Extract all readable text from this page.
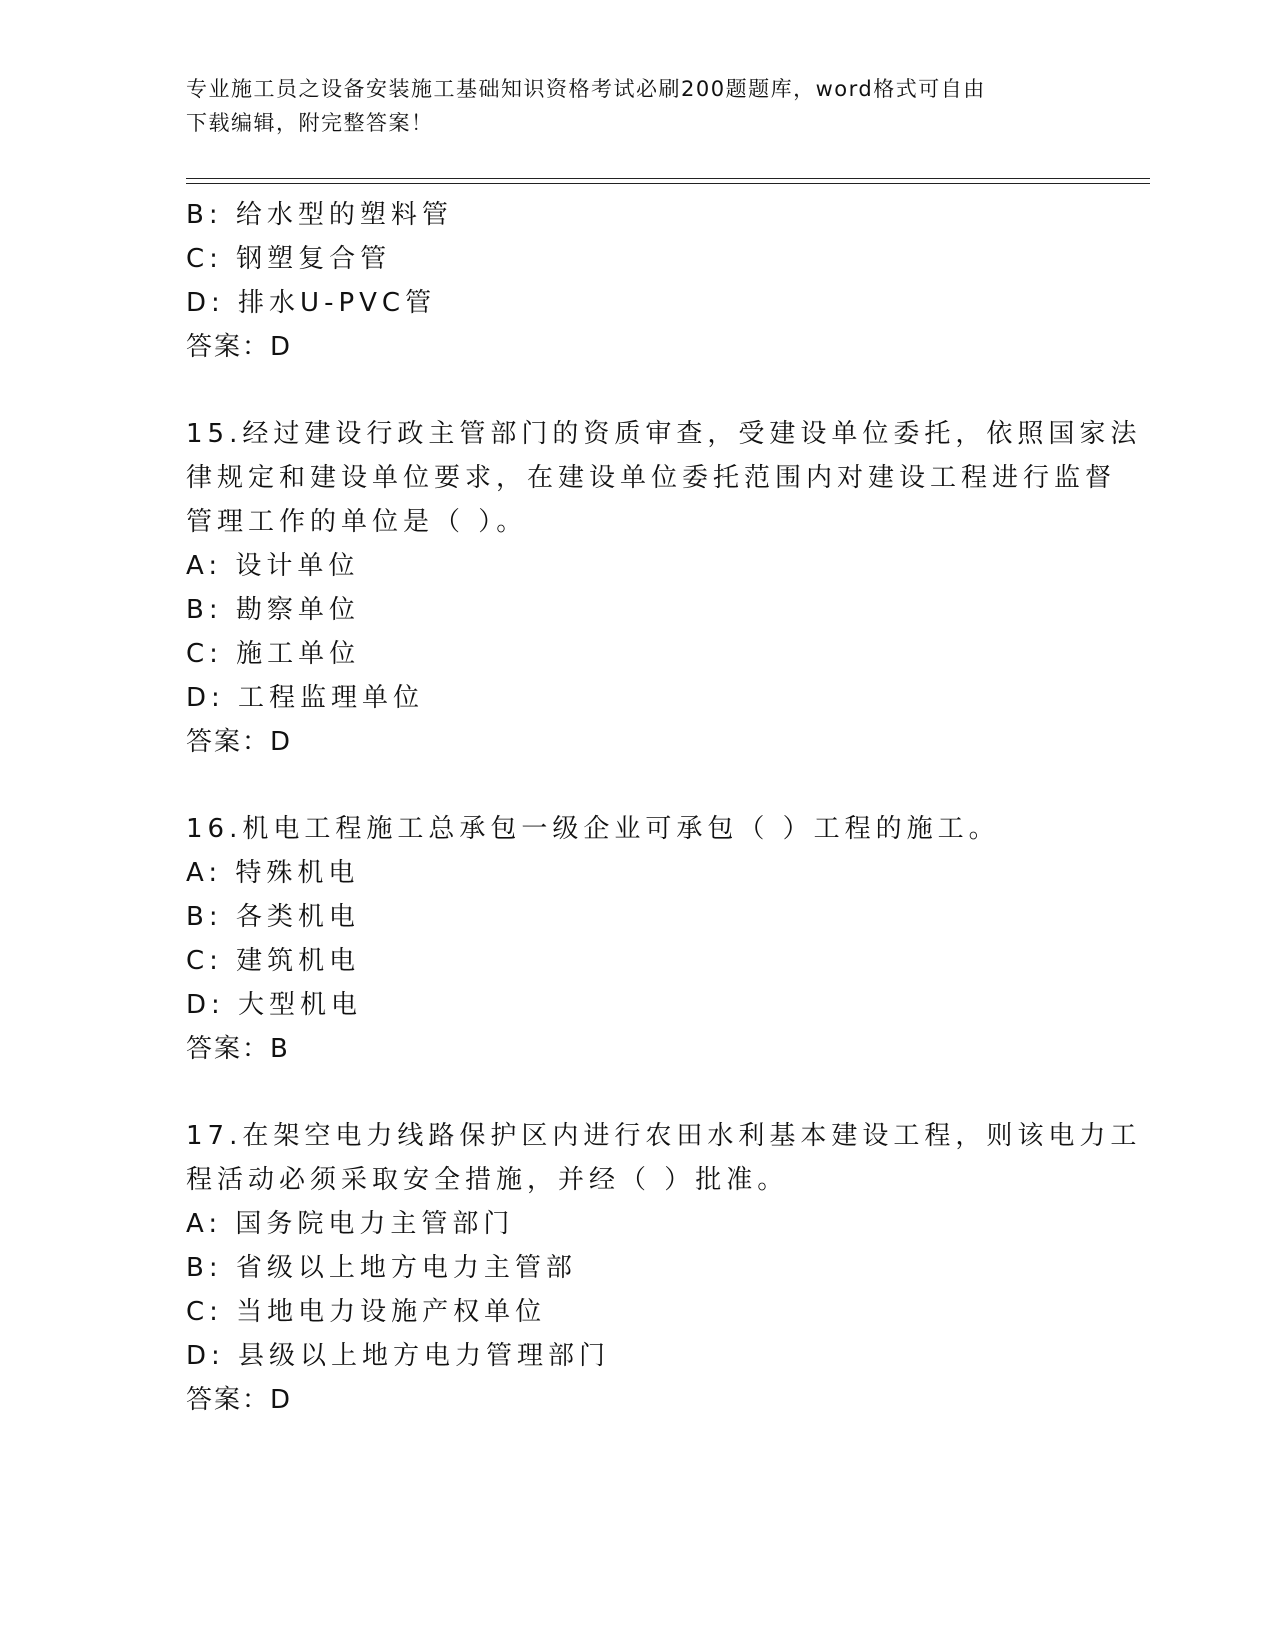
专业施工员之设备安装施工基础知识资格考试必刷200题题库，word格式可自由
下载编辑，附完整答案！
B: 给水型的塑料管
C: 钢塑复合管
D: 排水U-PVC管
答案：D
15.经过建设行政主管部门的资质审查，受建设单位委托，依照国家法
律规定和建设单位要求，在建设单位委托范围内对建设工程进行监督
管理工作的单位是（ ）。
A: 设计单位
B: 勘察单位
C: 施工单位
D: 工程监理单位
答案：D
16.机电工程施工总承包一级企业可承包（ ）工程的施工。
A: 特殊机电
B: 各类机电
C: 建筑机电
D: 大型机电
答案：B
17.在架空电力线路保护区内进行农田水利基本建设工程，则该电力工
程活动必须采取安全措施，并经（ ）批准。
A: 国务院电力主管部门
B: 省级以上地方电力主管部
C: 当地电力设施产权单位
D: 县级以上地方电力管理部门
答案：D
